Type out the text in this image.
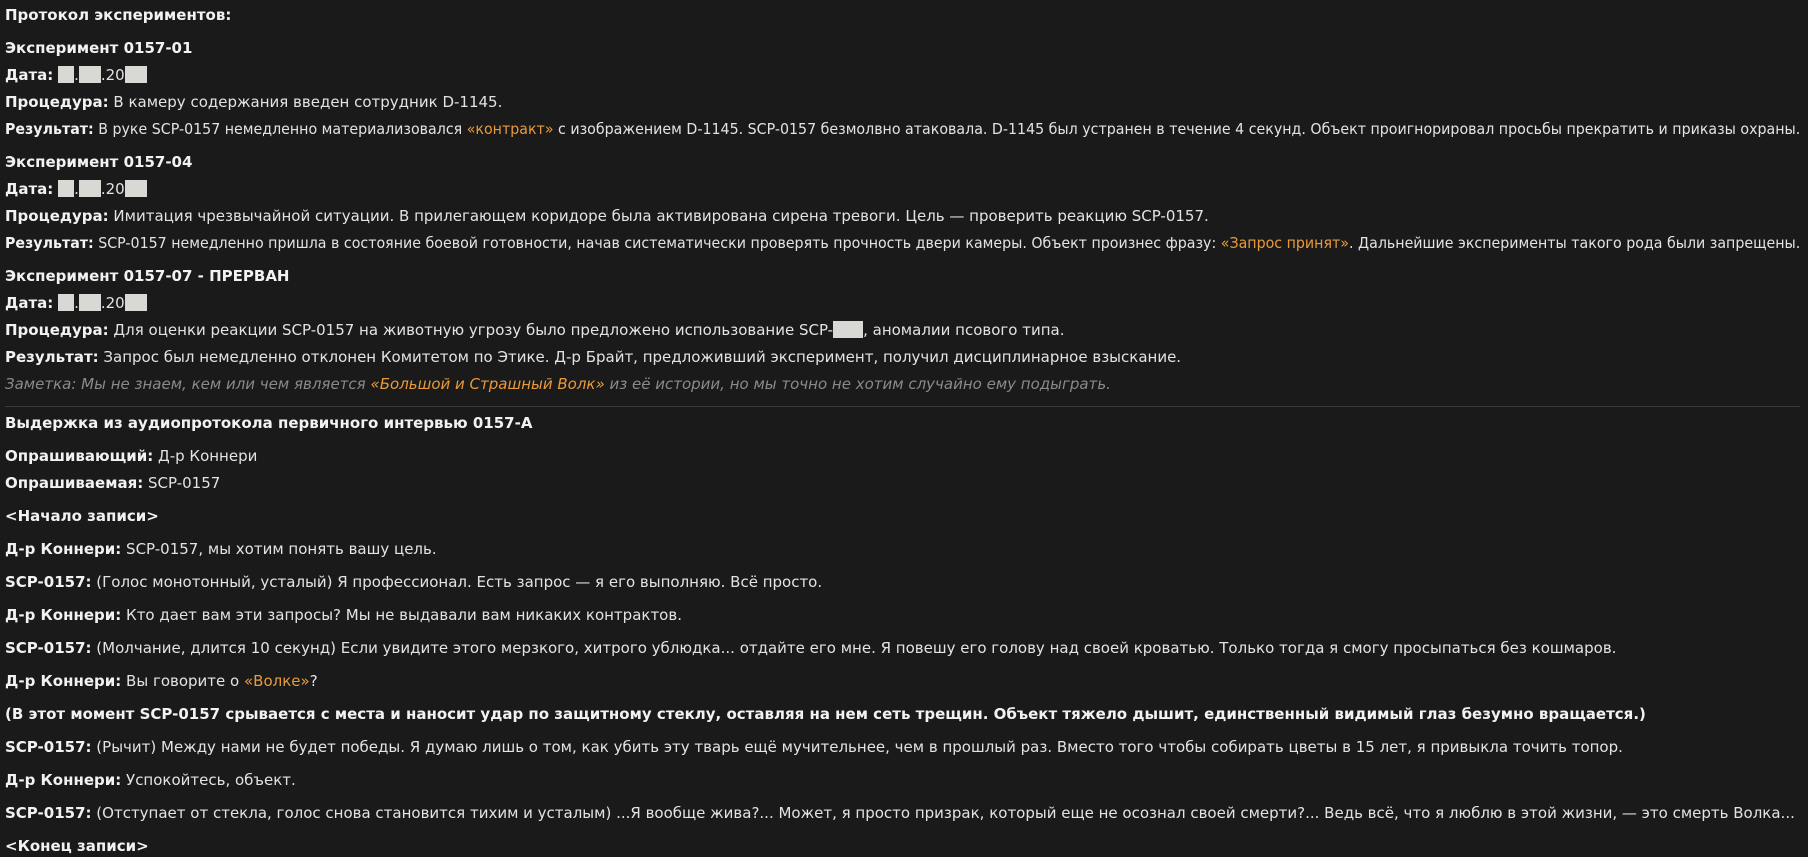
Протокол экспериментов:
Эксперимент 0157-01
Дата: . .20
Процедура: В камеру содержания введен сотрудник D-1145.
Результат: В руке SCP-0157 немедленно материализовался «контракт» с изображением D-1145. SCP-0157 безмолвно атаковала. D-1145 был устранен в течение 4 секунд. Объект проигнорировал просьбы прекратить и приказы охраны.
Эксперимент 0157-04
Дата: . .20
Процедура: Имитация чрезвычайной ситуации. В прилегающем коридоре была активирована сирена тревоги. Цель — проверить реакцию SCP-0157.
Результат: SCP-0157 немедленно пришла в состояние боевой готовности, начав систематически проверять прочность двери камеры. Объект произнес фразу: «Запрос принят». Дальнейшие эксперименты такого рода были запрещены.
Эксперимент 0157-07 - ПРЕРВАН
Дата: . .20
Процедура: Для оценки реакции SCP-0157 на животную угрозу было предложено использование SCP- , аномалии псового типа.
Результат: Запрос был немедленно отклонен Комитетом по Этике. Д-р Брайт, предложивший эксперимент, получил дисциплинарное взыскание.
Заметка: Мы не знаем, кем или чем является «Большой и Страшный Волк» из её истории, но мы точно не хотим случайно ему подыграть.
Выдержка из аудиопротокола первичного интервью 0157-A
Опрашивающий: Д-р Коннери
Опрашиваемая: SCP-0157
<Начало записи>
Д-р Коннери: SCP-0157, мы хотим понять вашу цель.
SCP-0157: (Голос монотонный, усталый) Я профессионал. Есть запрос — я его выполняю. Всё просто.
Д-р Коннери: Кто дает вам эти запросы? Мы не выдавали вам никаких контрактов.
SCP-0157: (Молчание, длится 10 секунд) Если увидите этого мерзкого, хитрого ублюдка... отдайте его мне. Я повешу его голову над своей кроватью. Только тогда я смогу просыпаться без кошмаров.
Д-р Коннери: Вы говорите о «Волке»?
(В этот момент SCP-0157 срывается с места и наносит удар по защитному стеклу, оставляя на нем сеть трещин. Объект тяжело дышит, единственный видимый глаз безумно вращается.)
SCP-0157: (Рычит) Между нами не будет победы. Я думаю лишь о том, как убить эту тварь ещё мучительнее, чем в прошлый раз. Вместо того чтобы собирать цветы в 15 лет, я привыкла точить топор.
Д-р Коннери: Успокойтесь, объект.
SCP-0157: (Отступает от стекла, голос снова становится тихим и усталым) ...Я вообще жива?... Может, я просто призрак, который еще не осознал своей смерти?... Ведь всё, что я люблю в этой жизни, — это смерть Волка...
<Конец записи>
